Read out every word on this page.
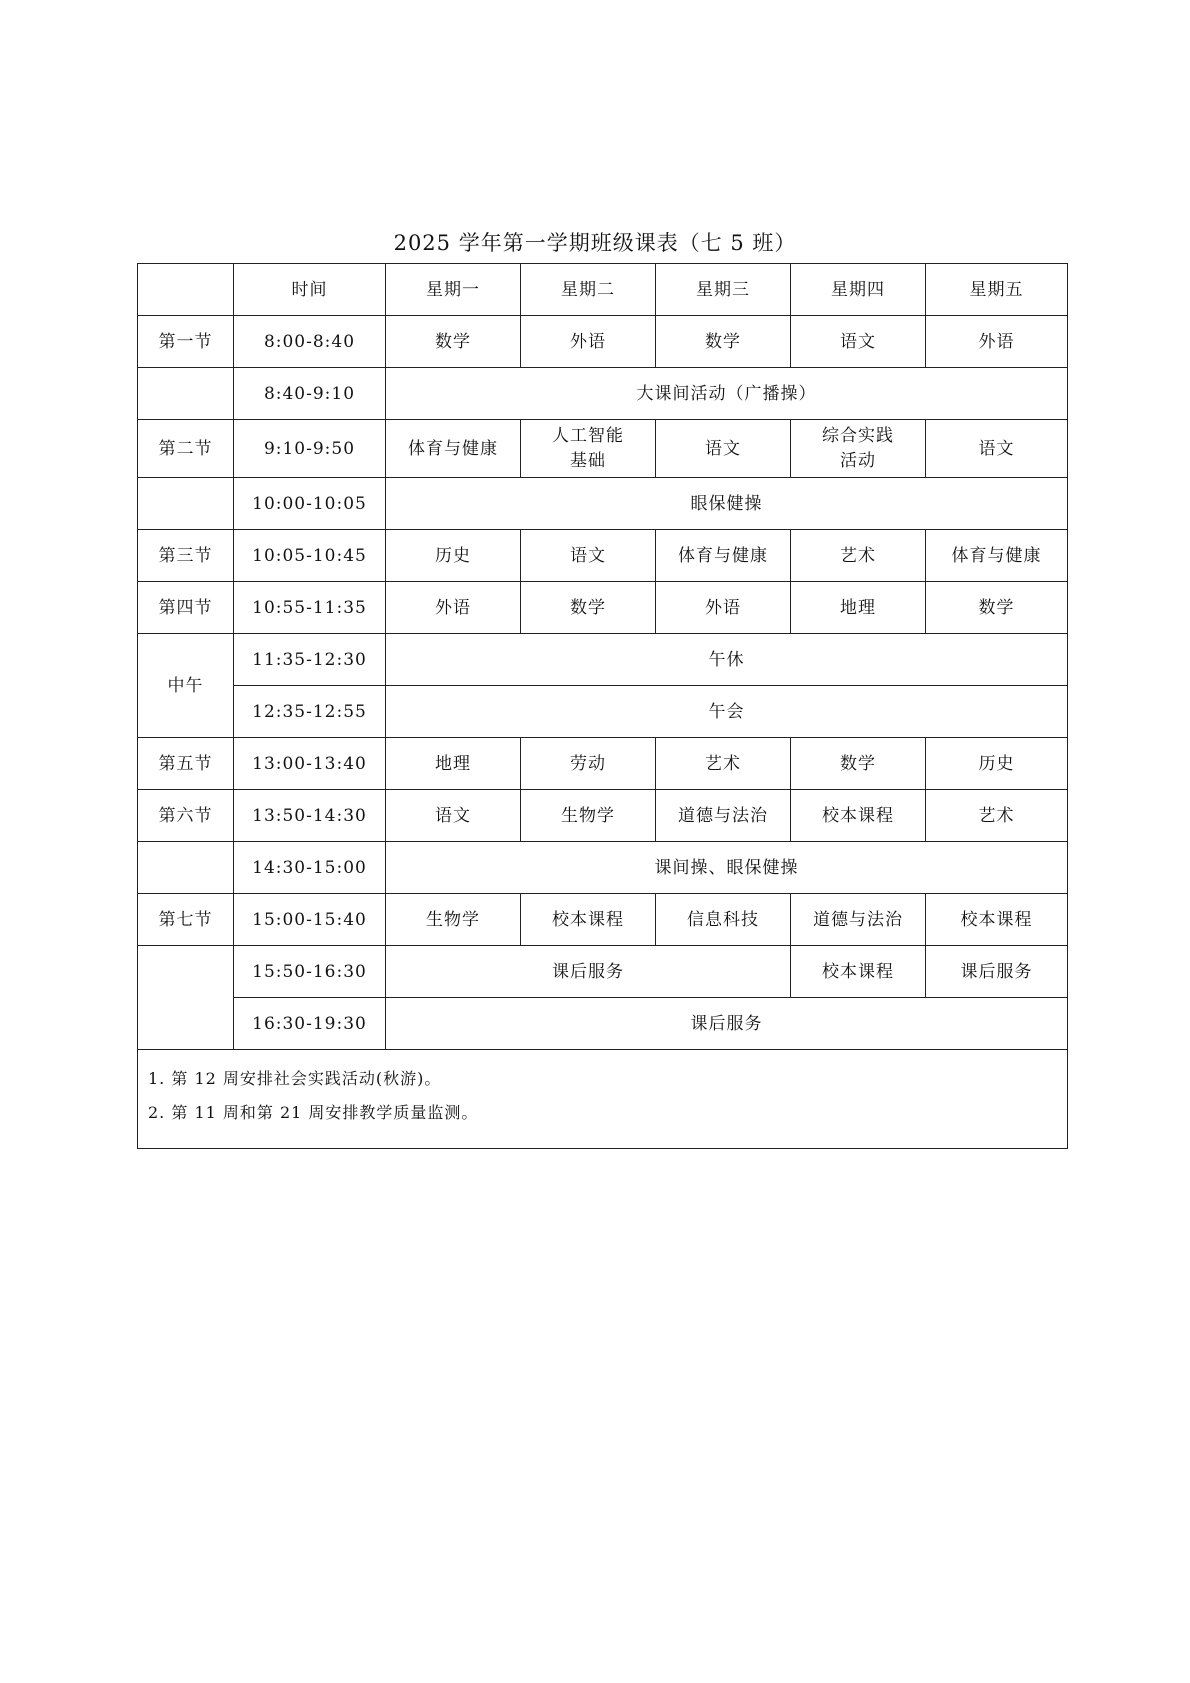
2025 学年第一学期班级课表（七 5 班）
	时间	星期一	星期二	星期三	星期四	星期五
第一节	8:00-8:40	数学	外语	数学	语文	外语
	8:40-9:10	大课间活动（广播操）				
第二节	9:10-9:50	体育与健康	人工智能基础	语文	综合实践活动	语文
	10:00-10:05	眼保健操				
第三节	10:05-10:45	历史	语文	体育与健康	艺术	体育与健康
第四节	10:55-11:35	外语	数学	外语	地理	数学
中午	11:35-12:30	午休				
	12:35-12:55	午会				
第五节	13:00-13:40	地理	劳动	艺术	数学	历史
第六节	13:50-14:30	语文	生物学	道德与法治	校本课程	艺术
	14:30-15:00	课间操、眼保健操				
第七节	15:00-15:40	生物学	校本课程	信息科技	道德与法治	校本课程
	15:50-16:30	课后服务			校本课程	课后服务
	16:30-19:30	课后服务				

1. 第 12 周安排社会实践活动(秋游)。
2. 第 11 周和第 21 周安排教学质量监测。						
